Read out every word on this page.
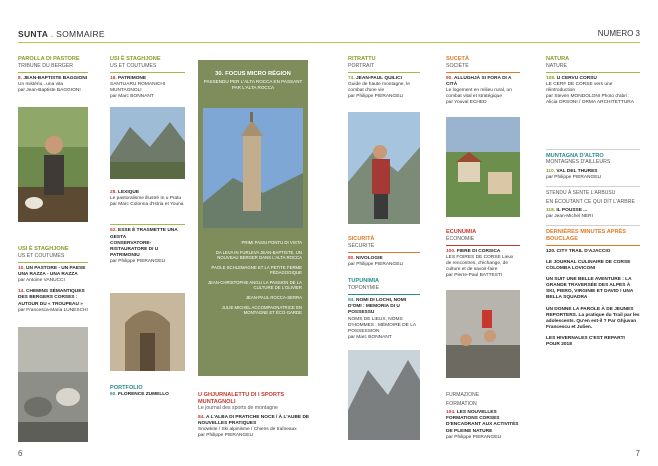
SUNTA . SOMMAIRE	NUMERO 3
6	7
PAROLLA DI PASTORE
TRIBUNE DU BERGER
8. JEAN-BAPTISTE BAGGIONI
Un mistériu...una vita
par Jean-Baptiste BAGGIONI
USI È STAGHJONE
US ET COUTUMES
10. UN PASTORE - UN PAESE UNA RAZZA - UNA RAZZA
par Antoine VANUCCI
14. CHEMINS SÉMANTIQUES DES BERGERS CORSES : AUTOUR DU « TROUPEAU »
par Francesca-Maria LUNESCHI
USI È STAGHJONE
US ET COUTUMES
18. PATRIMONE
SANTUARU ROMANICHI MUNTAGNOLI
par Marc BONNANT
28. LEXIQUE
Le pastoralisme illustré In u Pratu
par Marc Colonna d'Istria et Youna
52. ESSE È TRASMETTE UNA GESTA
CONSERVATORE-RISTAURATORE DI U PATRIMONIU
par Philippe PIERANGELI
PORTFOLIO
60. FLORENCE ZUMELLO
30. FOCUS MICRO RÉGION
PASSENDU PER L'ALTA ROCCA EN PASSANT PAR L'ALTA ROCCA

PRIMI PASSI PONTU DI VISTA

DA LEVA IN FURLEVA JEAN-BAPTISTE, UN NOUVEAU BERGER DANS L'ALTA ROCCA

PAOLE SCHLEMAGNE ET LA PETITE FERME PÉDAGOGIQUE

JEAN-CHRISTOPHE ANGLI LA PASSION DE LA CULTURE DE L'OLIVIER

JEAN-PAUL ROCCA-SERRA

JULIE MICHEL ACCOMPAGNATRICE EN MONTAGNE ET ÉCO-GARDE

U GHJURNALETTU DI I SPORTS MUNTAGNOLI
Le journal des sports de montagne
84. A L'ALBA DI PRATICHE NOCE / À L'AUBE DE NOUVELLES PRATIQUES
Snowkite / Ski alpinisme / Chiens de traîneaux
par Philippe PIERANGELI
RITRATTU
PORTRAIT
74. JEAN-PAUL QUILICI
Guide de haute montagne, le combat d'une vie
par Philippe PIERANGELI
SICURITÀ
SÉCURITÉ
80. NIVOLOGIE
par Philippe PIERANGELI
TUPUNIMIA
TOPONYMIE
94. NOMI DI LOCHI, NOMI D'OMI : MEMORIA DI U POSSESSU
NOMS DE LIEUX, NOMS D'HOMMES : MÉMOIRE DE LA POSSESSION
par Marc BONNANT
SUCETÀ
SOCIÉTÉ
90. ALLUGHJÀ SI FORA DI A CITÀ
Le logement en milieu rural, un combat vital et stratégique
par Youval ECHED
ECUNUMIA
ÉCONOMIE
100. FIERE DI CORSICA
LES FOIRES DE CORSE Lieux de rencontres, d'échange, de culture et de savoir-faire
par Pierre-Paul BATTESTI
FURMAZIONE
FORMATION
104. LES NOUVELLES FORMATIONS CORSES D'ENCADRANT AUX ACTIVITÉS DE PLEINE NATURE
par Philippe PIERANGELI
NATURA
NATURE
108. U CERVU CORSU
LE CERF DE CORSE vers une réintroduction
par Steven MONDOLONI Photo d'abri : Alicia ORSONI / ORMA ARCHITETTURA
MUNTAGNA D'ALTRO
MONTAGNES D'AILLEURS
110. VAL DEL THURES
par Philippe PIERANGELI
STENDU À SENTE L'ARBUSU
EN ÉCOUTANT CE QUI DIT L'ARBRE
118. IL POUSSE ...
par Jean-Michel NERI
DERNIÈRES MINUTES APRÈS BOUCLAGE
120. CITY TRAIL D'AJACCIO
LE JOURNAL CULINAIRE DE CORSE COLOMBA LOVICONI
UN SUIT UNE BELLE AVENTURE : LA GRANDE TRAVERSÉE DES ALPES À SKI, PIERO, VIRGINIE ET DAVID ! UNA BELLA SQUADRA
UN DONNE LA PAROLE À DE JEUNES REPORTERS. La pratique du Trail par les adolescents. Qu'en est-il ? Par Ghjuvan Francescu et Julien.
LES HIVERNALES C'EST REPARTI POUR 2018
